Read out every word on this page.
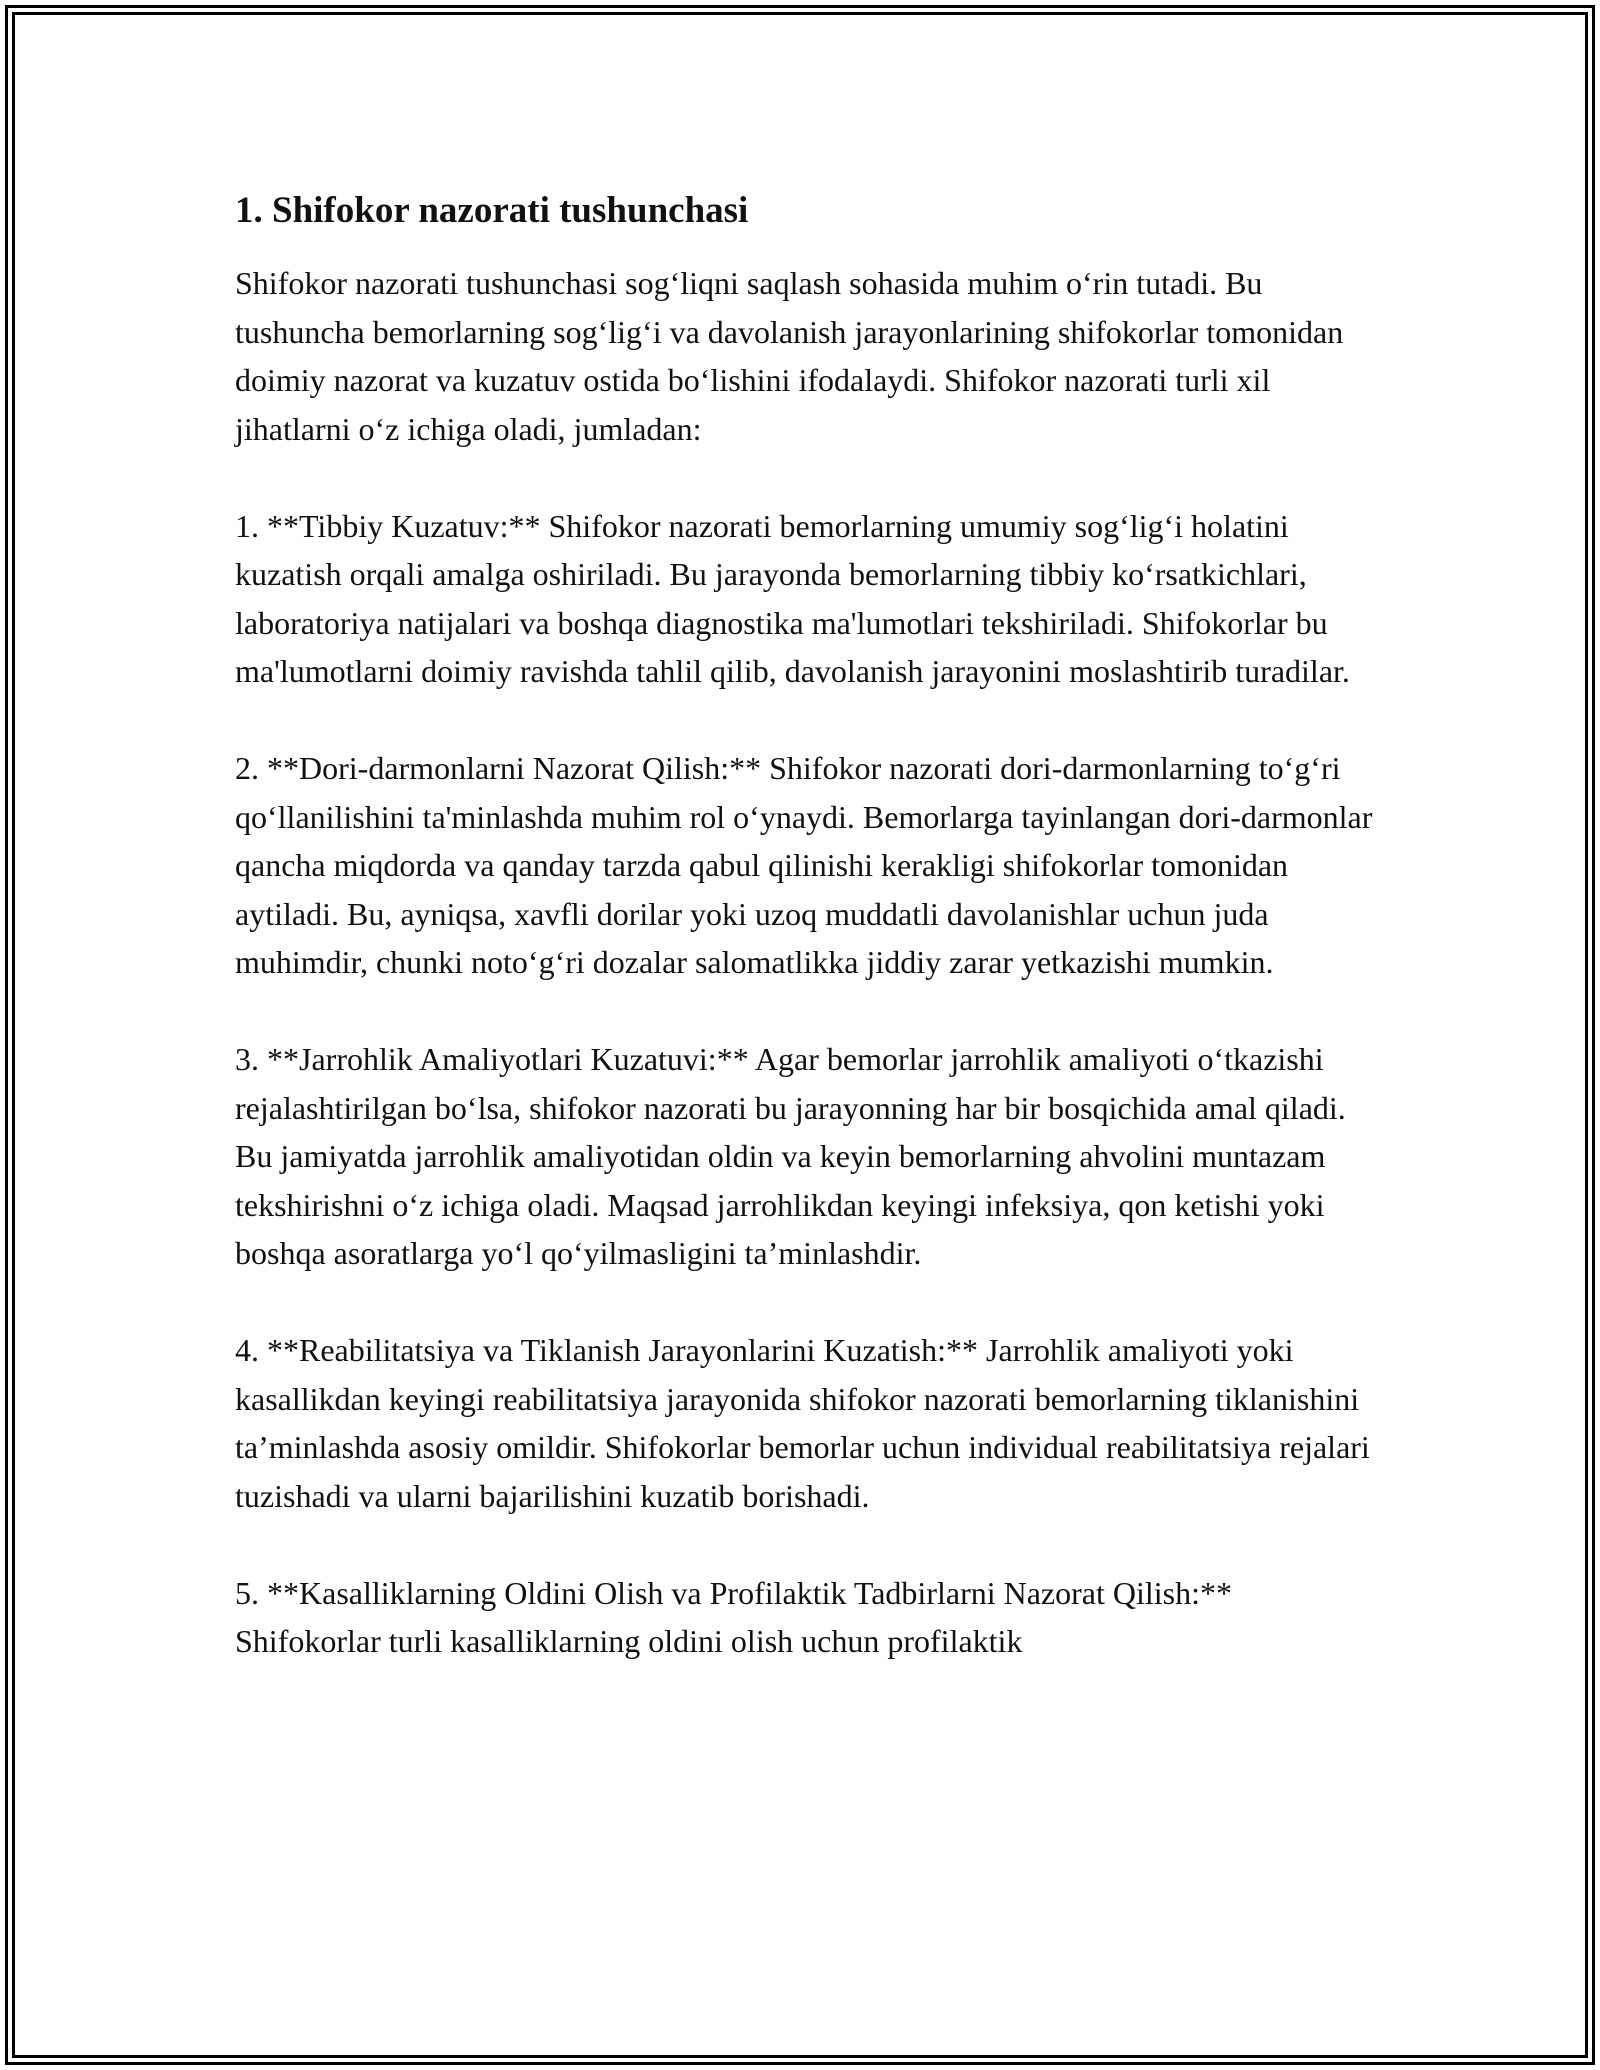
1. Shifokor nazorati tushunchasi

Shifokor nazorati tushunchasi sog‘liqni saqlash sohasida muhim o‘rin tutadi. Bu tushuncha bemorlarning sog‘lig‘i va davolanish jarayonlarining shifokorlar tomonidan doimiy nazorat va kuzatuv ostida bo‘lishini ifodalaydi. Shifokor nazorati turli xil jihatlarni o‘z ichiga oladi, jumladan:

1. **Tibbiy Kuzatuv:** Shifokor nazorati bemorlarning umumiy sog‘lig‘i holatini kuzatish orqali amalga oshiriladi. Bu jarayonda bemorlarning tibbiy ko‘rsatkichlari, laboratoriya natijalari va boshqa diagnostika ma'lumotlari tekshiriladi. Shifokorlar bu ma'lumotlarni doimiy ravishda tahlil qilib, davolanish jarayonini moslashtirib turadilar.

2. **Dori-darmonlarni Nazorat Qilish:** Shifokor nazorati dori-darmonlarning to‘g‘ri qo‘llanilishini ta'minlashda muhim rol o‘ynaydi. Bemorlarga tayinlangan dori-darmonlar qancha miqdorda va qanday tarzda qabul qilinishi kerakligi shifokorlar tomonidan aytiladi. Bu, ayniqsa, xavfli dorilar yoki uzoq muddatli davolanishlar uchun juda muhimdir, chunki noto‘g‘ri dozalar salomatlikka jiddiy zarar yetkazishi mumkin.

3. **Jarrohlik Amaliyotlari Kuzatuvi:** Agar bemorlar jarrohlik amaliyoti o‘tkazishi rejalashtirilgan bo‘lsa, shifokor nazorati bu jarayonning har bir bosqichida amal qiladi. Bu jamiyatda jarrohlik amaliyotidan oldin va keyin bemorlarning ahvolini muntazam tekshirishni o‘z ichiga oladi. Maqsad jarrohlikdan keyingi infeksiya, qon ketishi yoki boshqa asoratlarga yo‘l qo‘yilmasligini ta’minlashdir.

4. **Reabilitatsiya va Tiklanish Jarayonlarini Kuzatish:** Jarrohlik amaliyoti yoki kasallikdan keyingi reabilitatsiya jarayonida shifokor nazorati bemorlarning tiklanishini ta’minlashda asosiy omildir. Shifokorlar bemorlar uchun individual reabilitatsiya rejalari tuzishadi va ularni bajarilishini kuzatib borishadi.

5. **Kasalliklarning Oldini Olish va Profilaktik Tadbirlarni Nazorat Qilish:** Shifokorlar turli kasalliklarning oldini olish uchun profilaktik
